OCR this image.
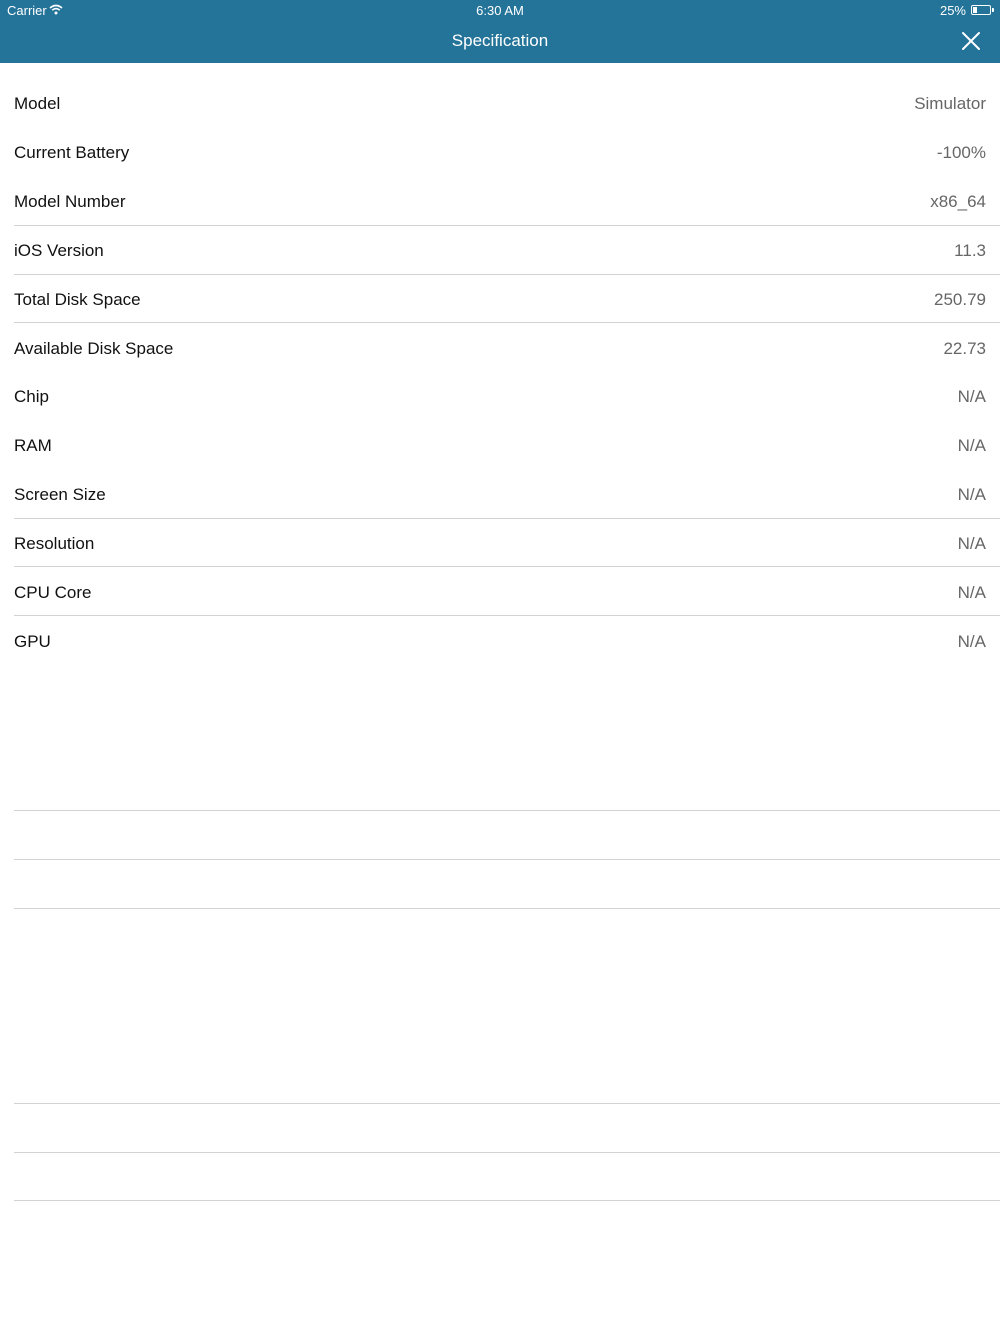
Carrier	6:30 AM	25%
Specification
Model	Simulator
Current Battery	-100%
Model Number	x86_64
iOS Version	11.3
Total Disk Space	250.79
Available Disk Space	22.73
Chip	N/A
RAM	N/A
Screen Size	N/A
Resolution	N/A
CPU Core	N/A
GPU	N/A
